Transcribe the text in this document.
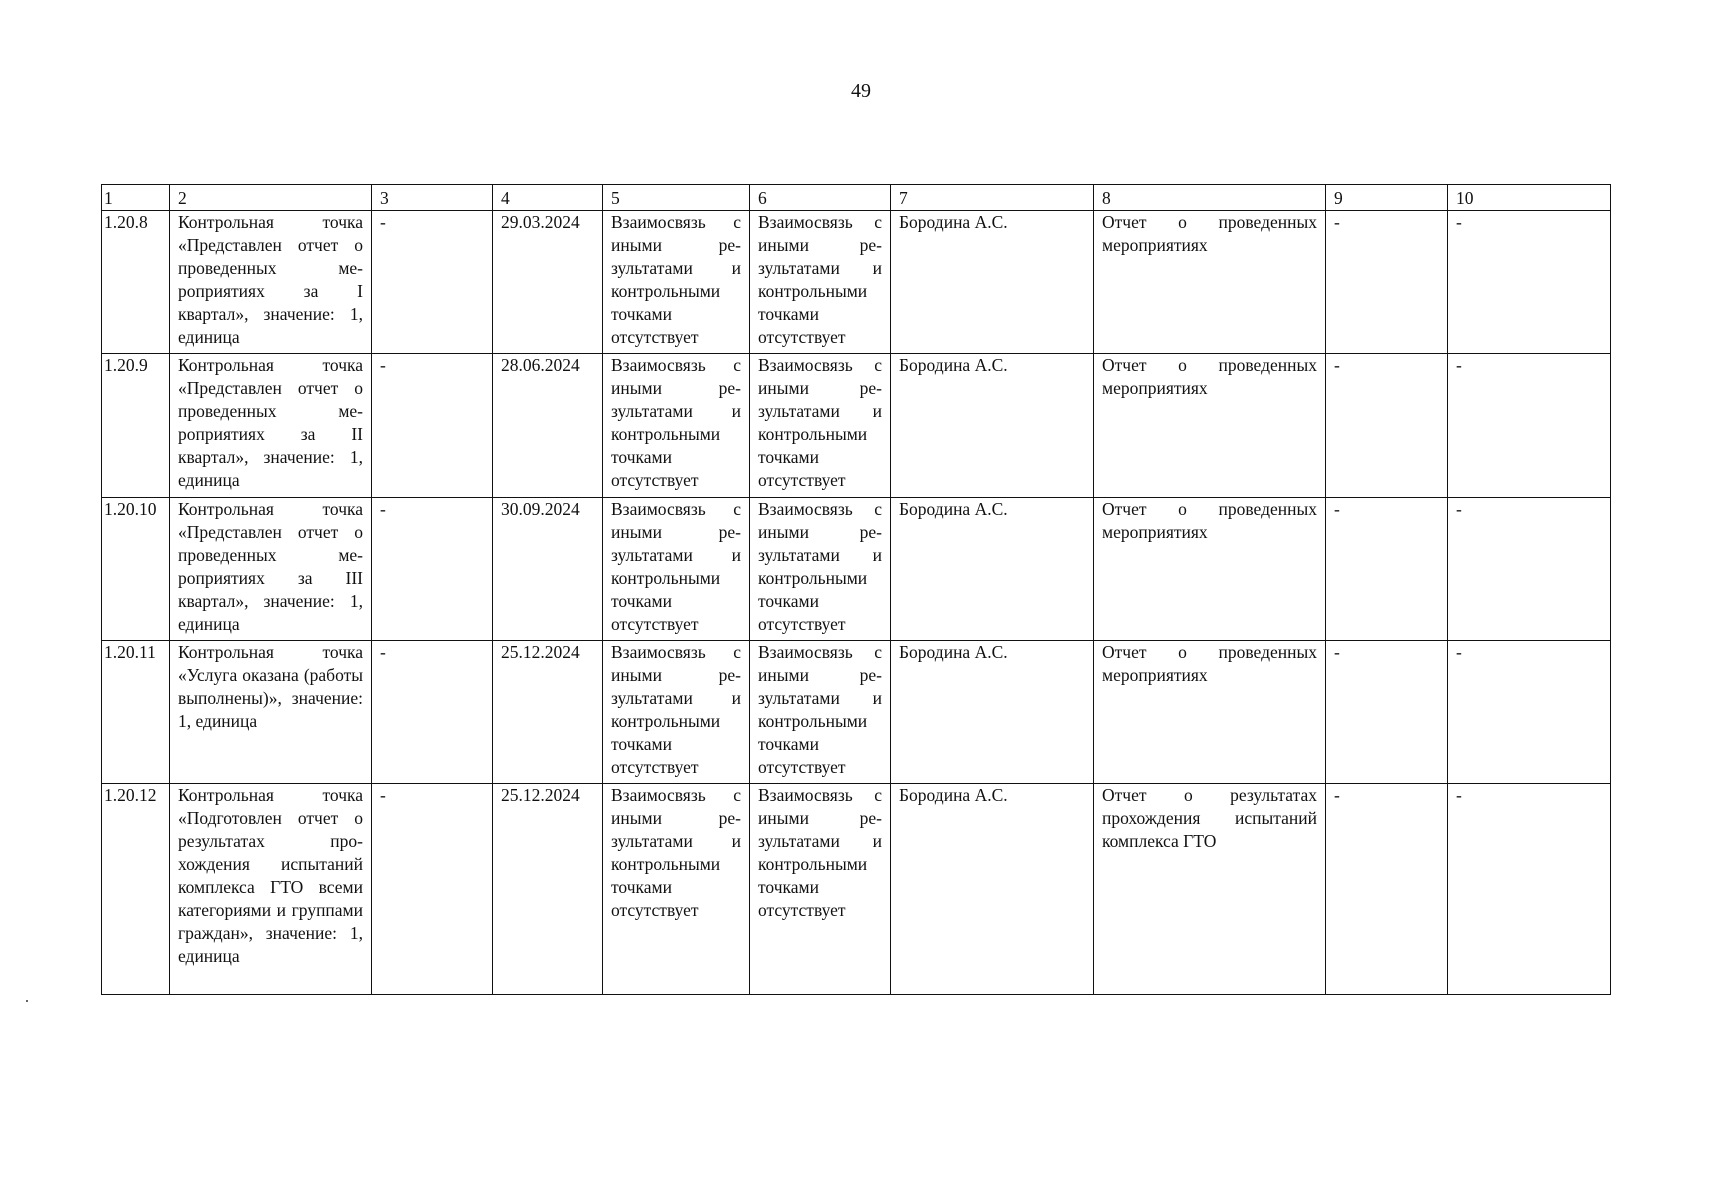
49
1	2	3	4	5	6	7	8	9	10
1.20.8	Контрольная точка «Представлен отчет о проведенных мероприятиях за I квартал», значение: 1, единица	-	29.03.2024	Взаимосвязь с иными результатами и контрольными точками отсутствует	Взаимосвязь с иными результатами и контрольными точками отсутствует	Бородина А.С.	Отчет о проведенных мероприятиях	-	-
1.20.9	Контрольная точка «Представлен отчет о проведенных мероприятиях за II квартал», значение: 1, единица	-	28.06.2024	Взаимосвязь с иными результатами и контрольными точками отсутствует	Взаимосвязь с иными результатами и контрольными точками отсутствует	Бородина А.С.	Отчет о проведенных мероприятиях	-	-
1.20.10	Контрольная точка «Представлен отчет о проведенных мероприятиях за III квартал», значение: 1, единица	-	30.09.2024	Взаимосвязь с иными результатами и контрольными точками отсутствует	Взаимосвязь с иными результатами и контрольными точками отсутствует	Бородина А.С.	Отчет о проведенных мероприятиях	-	-
1.20.11	Контрольная точка «Услуга оказана (работы выполнены)», значение: 1, единица	-	25.12.2024	Взаимосвязь с иными результатами и контрольными точками отсутствует	Взаимосвязь с иными результатами и контрольными точками отсутствует	Бородина А.С.	Отчет о проведенных мероприятиях	-	-
1.20.12	Контрольная точка «Подготовлен отчет о результатах прохождения испытаний комплекса ГТО всеми категориями и группами граждан», значение: 1, единица	-	25.12.2024	Взаимосвязь с иными результатами и контрольными точками отсутствует	Взаимосвязь с иными результатами и контрольными точками отсутствует	Бородина А.С.	Отчет о результатах прохождения испытаний комплекса ГТО	-	-
